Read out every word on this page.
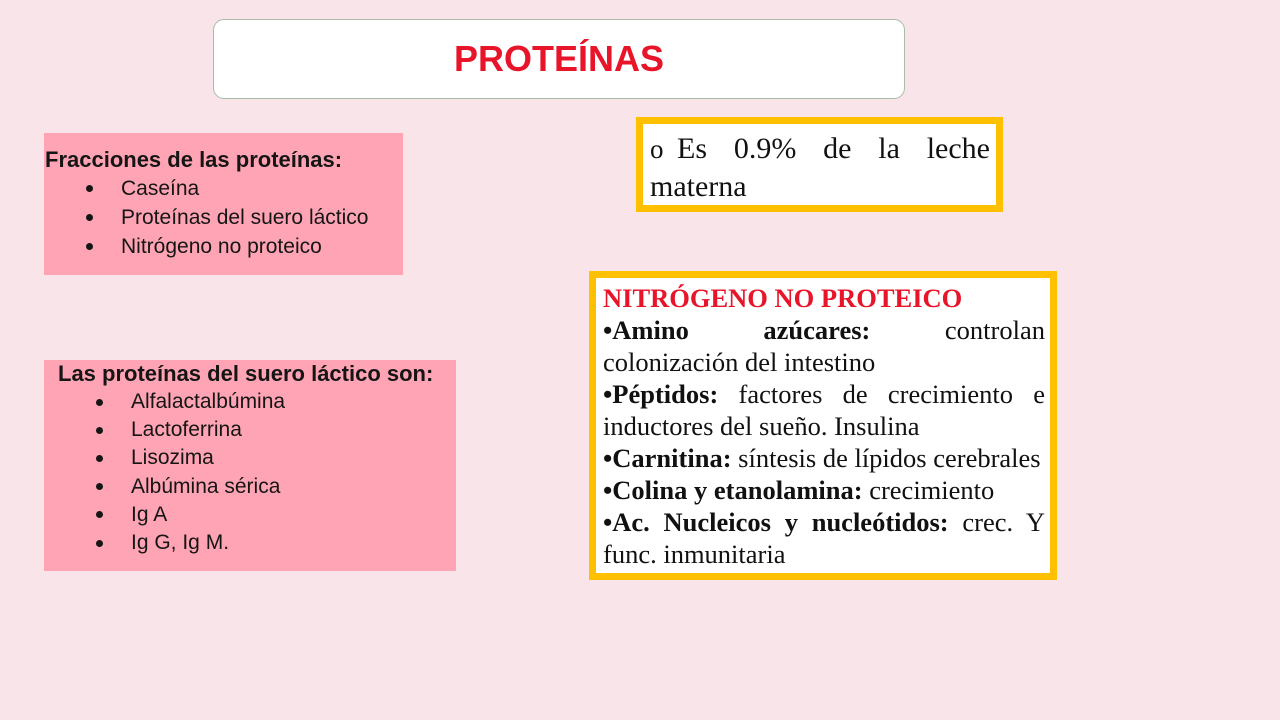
PROTEÍNAS
Fracciones de las proteínas:
Caseína
Proteínas del suero láctico
Nitrógeno no proteico
Las proteínas del suero láctico son:
Alfalactalbúmina
Lactoferrina
Lisozima
Albúmina sérica
Ig A
Ig G, Ig M.

o Es 0.9% de la leche materna

NITRÓGENO NO PROTEICO

•Amino azúcares:	controlan colonización del intestino

•Péptidos: factores de crecimiento e inductores del sueño. Insulina

•Carnitina: síntesis de lípidos cerebrales

•Colina y etanolamina: crecimiento

•Ac. Nucleicos y nucleótidos: crec. Y func. inmunitaria
